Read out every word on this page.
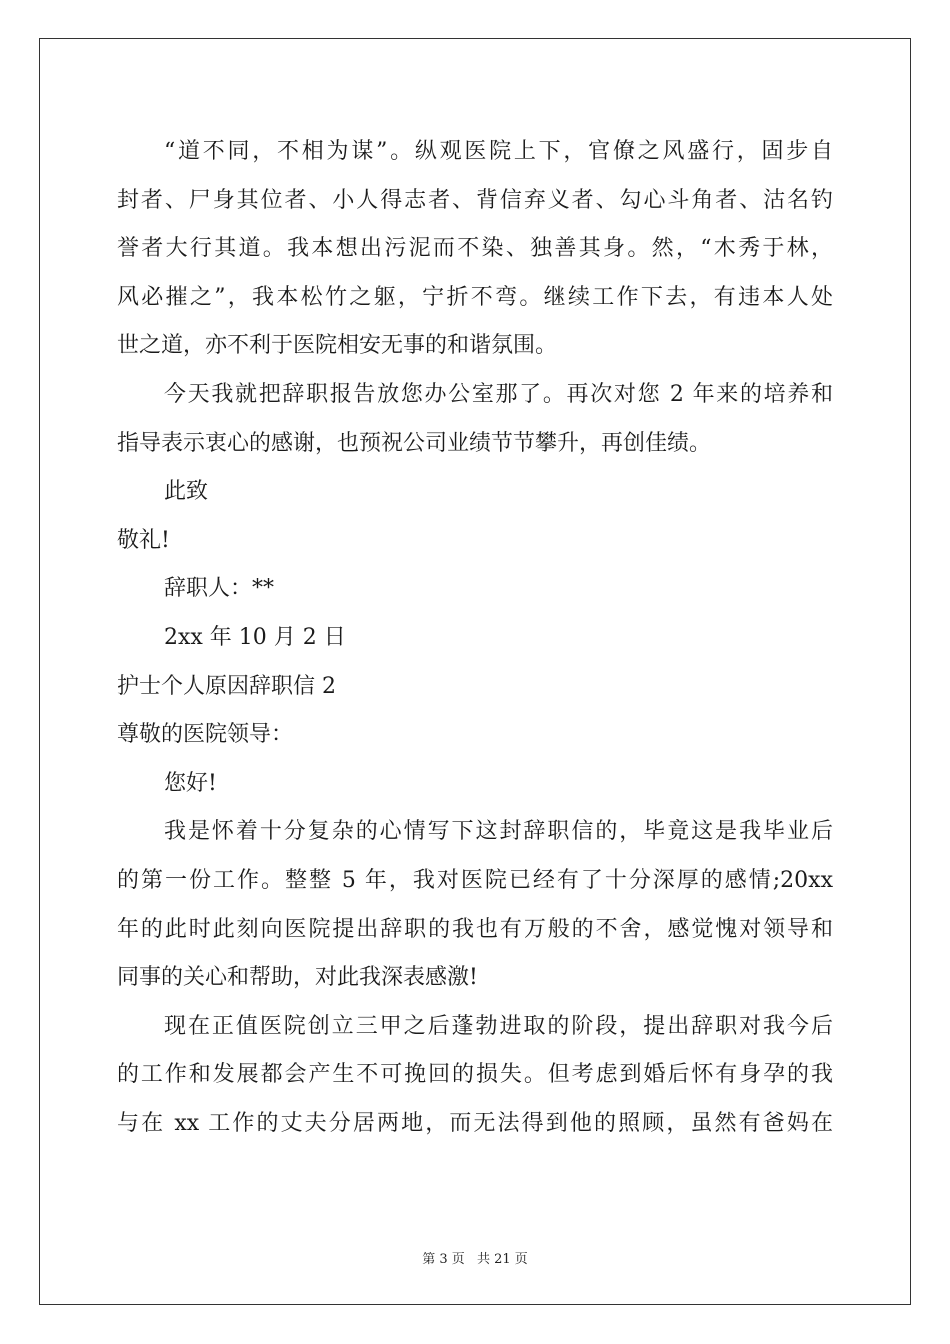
“道不同，不相为谋”。纵观医院上下，官僚之风盛行，固步自
封者、尸身其位者、小人得志者、背信弃义者、勾心斗角者、沽名钓
誉者大行其道。我本想出污泥而不染、独善其身。然，“木秀于林，
风必摧之”，我本松竹之躯，宁折不弯。继续工作下去，有违本人处
世之道，亦不利于医院相安无事的和谐氛围。
今天我就把辞职报告放您办公室那了。再次对您 2 年来的培养和
指导表示衷心的感谢，也预祝公司业绩节节攀升，再创佳绩。
此致
敬礼!
辞职人：**
2xx 年 10 月 2 日
护士个人原因辞职信 2
尊敬的医院领导：
您好!
我是怀着十分复杂的心情写下这封辞职信的，毕竟这是我毕业后
的第一份工作。整整 5 年，我对医院已经有了十分深厚的感情;20xx
年的此时此刻向医院提出辞职的我也有万般的不舍，感觉愧对领导和
同事的关心和帮助，对此我深表感激!
现在正值医院创立三甲之后蓬勃进取的阶段，提出辞职对我今后
的工作和发展都会产生不可挽回的损失。但考虑到婚后怀有身孕的我
与在 xx 工作的丈夫分居两地，而无法得到他的照顾，虽然有爸妈在
第 3 页 共 21 页
